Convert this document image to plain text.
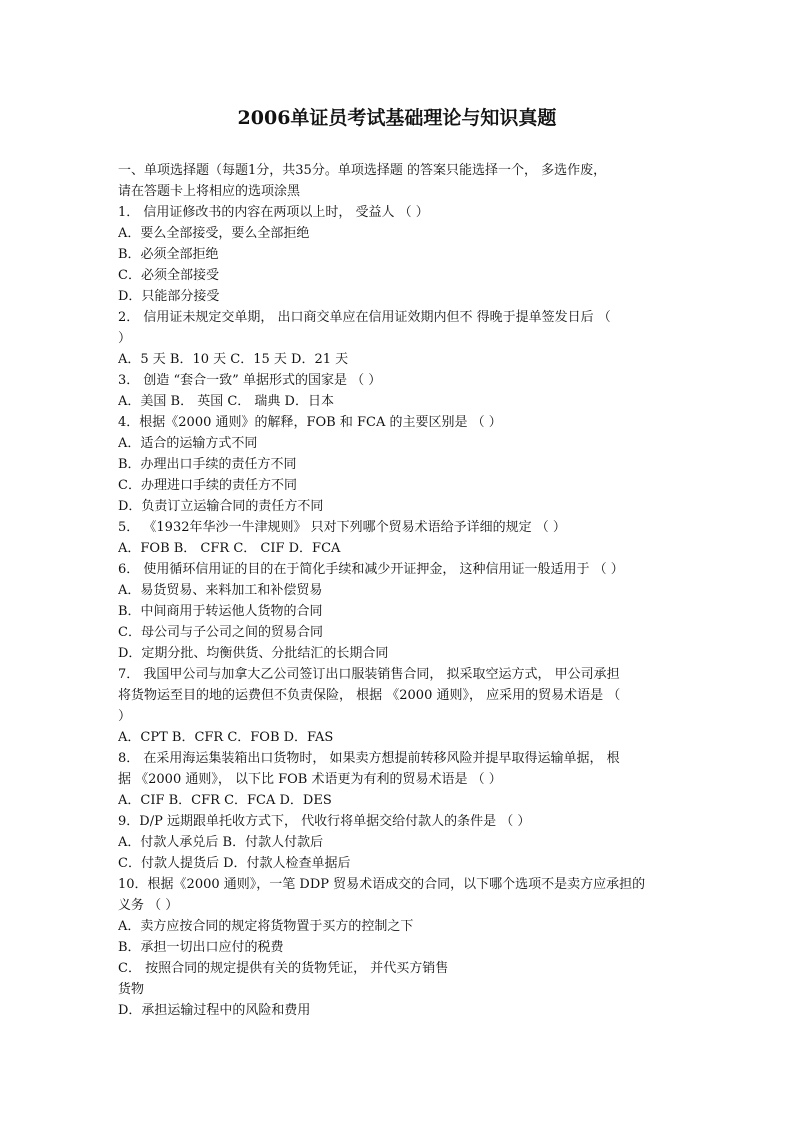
2006单证员考试基础理论与知识真题
一、单项选择题（每题1分，共35分。单项选择题 的答案只能选择一个， 多选作废，
请在答题卡上将相应的选项涂黑
1． 信用证修改书的内容在两项以上时， 受益人 （ ）
A．要么全部接受，要么全部拒绝
B．必须全部拒绝
C．必须全部接受
D．只能部分接受
2． 信用证未规定交单期， 出口商交单应在信用证效期内但不 得晚于提单签发日后 （
）
A．5 天 B．10 天 C．15 天 D．21 天
3． 创造 “套合一致” 单据形式的国家是 （ ）
A．美国 B． 英国 C． 瑞典 D．日本
4．根据《2000 通则》的解释，FOB 和 FCA 的主要区别是 （ ）
A．适合的运输方式不同
B．办理出口手续的责任方不同
C．办理进口手续的责任方不同
D．负责订立运输合同的责任方不同
5． 《1932年华沙一牛津规则》 只对下列哪个贸易术语给予详细的规定 （ ）
A．FOB B． CFR C． CIF D．FCA
6． 使用循环信用证的目的在于简化手续和减少开证押金， 这种信用证一般适用于 （ ）
A．易货贸易、来料加工和补偿贸易
B．中间商用于转运他人货物的合同
C．母公司与子公司之间的贸易合同
D．定期分批、均衡供货、分批结汇的长期合同
7． 我国甲公司与加拿大乙公司签订出口服装销售合同， 拟采取空运方式， 甲公司承担
将货物运至目的地的运费但不负责保险， 根据 《2000 通则》， 应采用的贸易术语是 （
）
A．CPT B．CFR C．FOB D．FAS
8． 在采用海运集装箱出口货物时， 如果卖方想提前转移风险并提早取得运输单据， 根
据 《2000 通则》， 以下比 FOB 术语更为有利的贸易术语是 （ ）
A．CIF B．CFR C．FCA D．DES
9．D/P 远期跟单托收方式下， 代收行将单据交给付款人的条件是 （ ）
A．付款人承兑后 B．付款人付款后
C．付款人提货后 D．付款人检查单据后
10．根据《2000 通则》，一笔 DDP 贸易术语成交的合同，以下哪个选项不是卖方应承担的
义务 （ ）
A．卖方应按合同的规定将货物置于买方的控制之下
B．承担一切出口应付的税费
C． 按照合同的规定提供有关的货物凭证， 并代买方销售
货物
D．承担运输过程中的风险和费用
